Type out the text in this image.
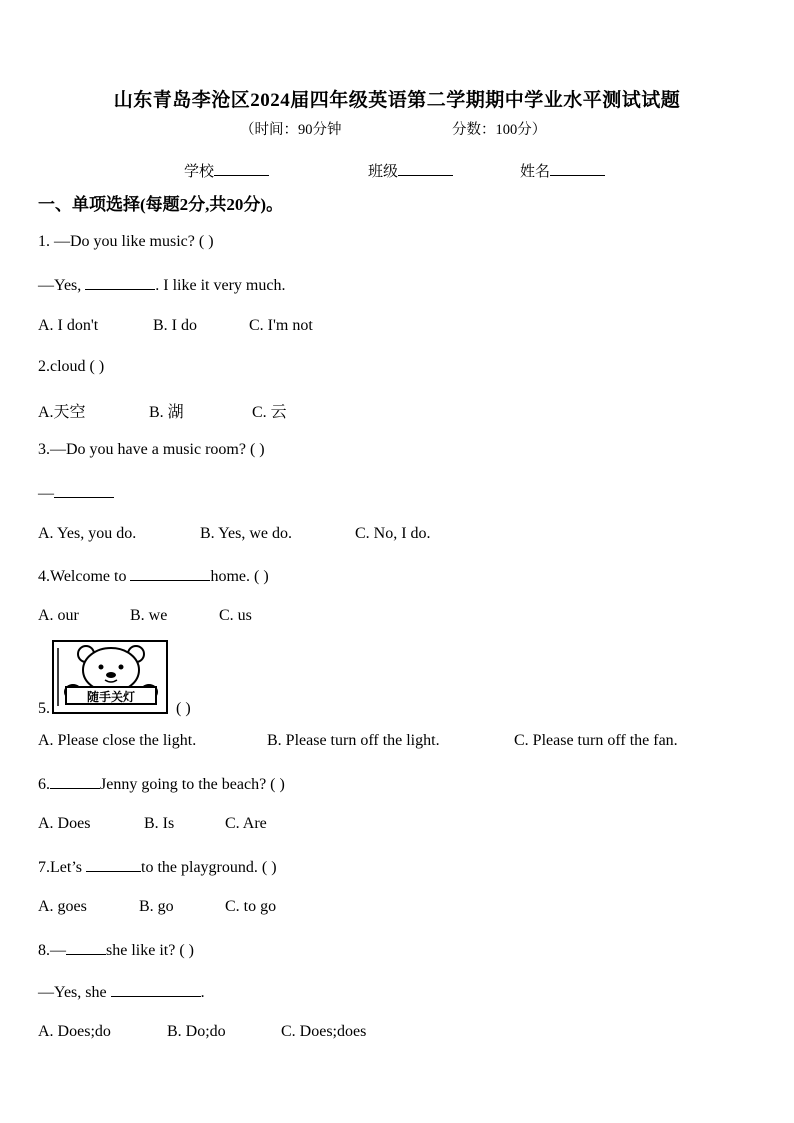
山东青岛李沧区2024届四年级英语第二学期期中学业水平测试试题
（时间：90分钟	分数：100分）
学校	班级	姓名
一、单项选择(每题2分,共20分)。
1. —Do you like music? ( )
—Yes,	. I like it very much.
A. I don't	B. I do	C. I'm not
2.cloud ( )
A.天空	B. 湖	C. 云
3.—Do you have a music room? ( )
—
A. Yes, you do.	B. Yes, we do.	C. No, I do.
4.Welcome to	home. ( )
A. our	B. we	C. us
随手关灯
5.	( )
A. Please close the light.	B. Please turn off the light.	C. Please turn off the fan.
6.	Jenny going to the beach? ( )
A. Does	B. Is	C. Are
7.Let’s	to the playground. ( )
A. goes	B. go	C. to go
8.—	she like it? ( )
—Yes, she	.
A. Does;do	B. Do;do	C. Does;does
